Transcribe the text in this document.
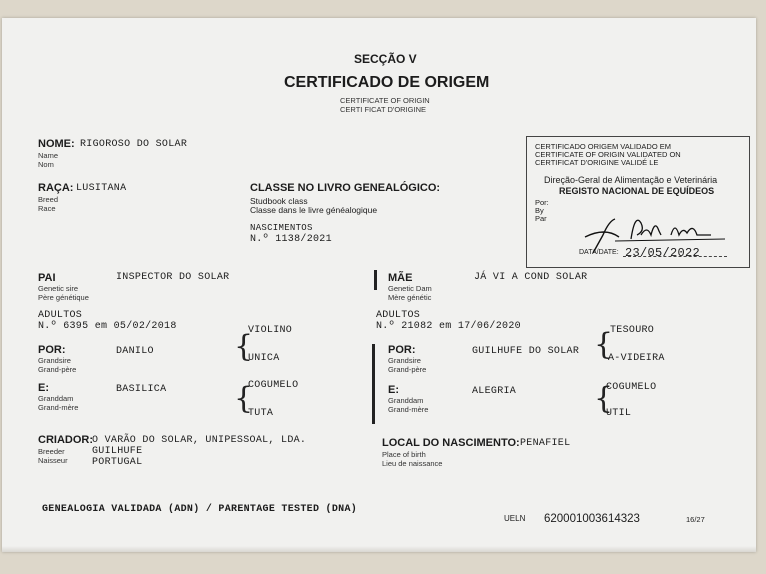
SECÇÃO V
CERTIFICADO DE ORIGEM
CERTIFICATE OF ORIGIN
CERTI FICAT D'ORIGINE
NOME: RIGOROSO DO SOLAR
Name
Nom
RAÇA: LUSITANA
Breed
Race
CLASSE NO LIVRO GENEALÓGICO:
Studbook class
Classe dans le livre généalogique
NASCIMENTOS
N.º 1138/2021
CERTIFICADO ORIGEM VALIDADO EM
CERTIFICATE OF ORIGIN VALIDATED ON
CERTIFICAT D'ORIGINE VALIDÉ LE
Direção-Geral de Alimentação e Veterinária
REGISTO NACIONAL DE EQUÍDEOS
Por:
By
Par
DATA/DATE: 23/05/2022
PAI
Genetic sire
Père génétique
INSPECTOR DO SOLAR
ADULTOS
N.º 6395 em 05/02/2018
POR:
Grandsire
Grand-père
DANILO	{
VIOLINO
UNICA
E:
Granddam
Grand-mère
BASILICA {
COGUMELO
TUTA
MÃE
Genetic Dam
Mère génétic
JÁ VI A COND SOLAR
ADULTOS
N.º 21082 em 17/06/2020
POR:
Grandsire
Grand-père
GUILHUFE DO SOLAR {
TESOURO
A-VIDEIRA
E:
Granddam
Grand-mère
ALEGRIA	{
COGUMELO
UTIL
CRIADOR: O VARÃO DO SOLAR, UNIPESSOAL, LDA.
GUILHUFE
PORTUGAL
Breeder
Naisseur
LOCAL DO NASCIMENTO: PENAFIEL
Place of birth
Lieu de naissance
GENEALOGIA VALIDADA (ADN) / PARENTAGE TESTED (DNA)
UELN 620001003614323	16/27
